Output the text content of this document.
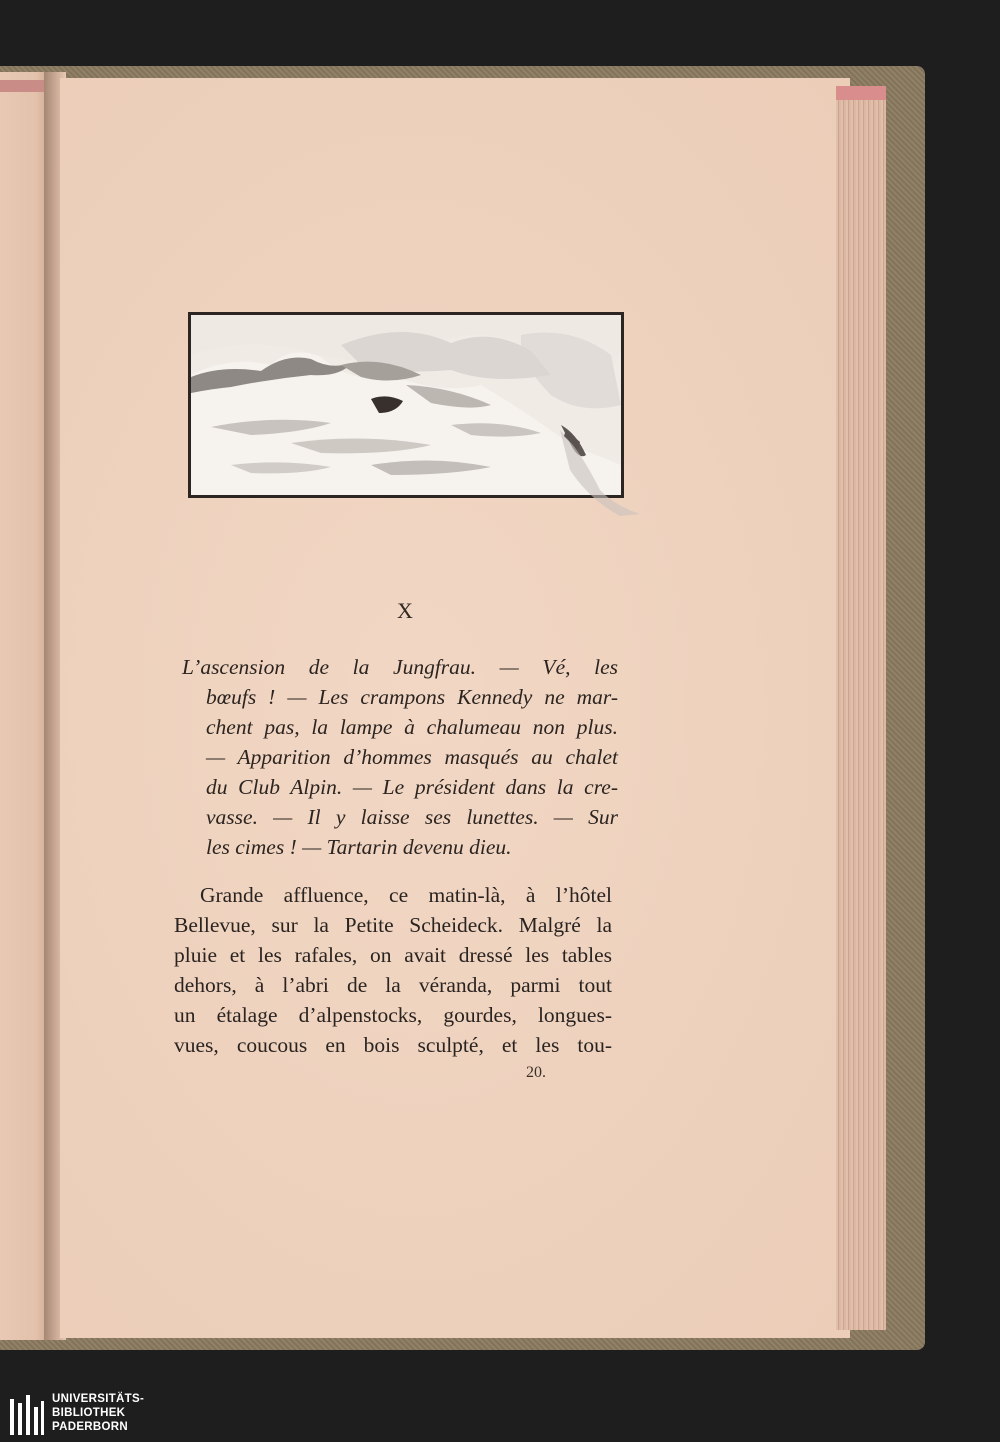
X
L’ascension de la Jungfrau. — Vé, les
bœufs ! — Les crampons Kennedy ne mar-
chent pas, la lampe à chalumeau non plus.
— Apparition d’hommes masqués au chalet
du Club Alpin. — Le président dans la cre-
vasse. — Il y laisse ses lunettes. — Sur
les cimes ! — Tartarin devenu dieu.
Grande affluence, ce matin-là, à l’hôtel
Bellevue, sur la Petite Scheideck. Malgré la
pluie et les rafales, on avait dressé les tables
dehors, à l’abri de la véranda, parmi tout
un étalage d’alpenstocks, gourdes, longues-
vues, coucous en bois sculpté, et les tou-
20.
UNIVERSITÄTS-
BIBLIOTHEK
PADERBORN
